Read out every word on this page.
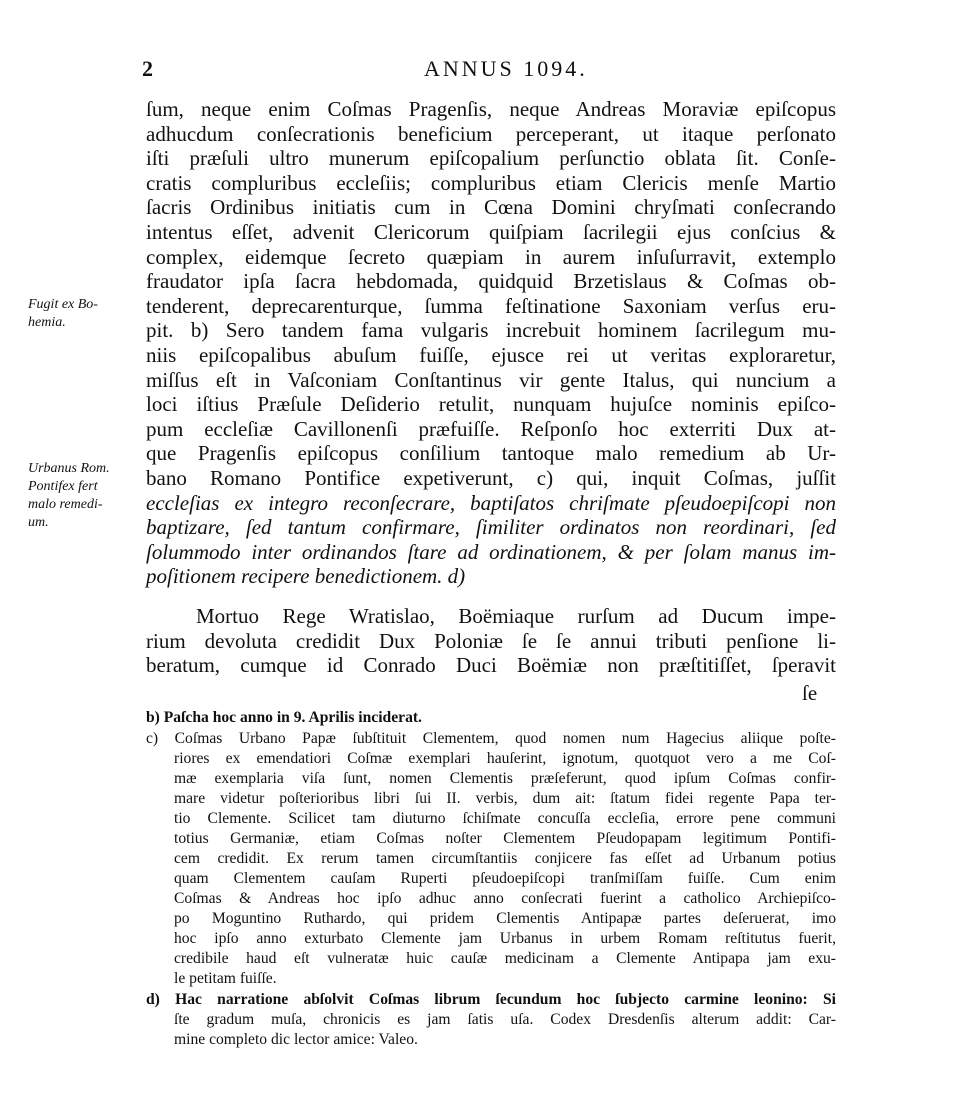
2	ANNUS 1094.
ſum, neque enim Coſmas Pragenſis, neque Andreas Moraviæ epiſcopus
adhucdum conſecrationis beneficium perceperant, ut itaque perſonato
iſti præſuli ultro munerum epiſcopalium perſunctio oblata ſit. Conſe-
cratis compluribus eccleſiis; compluribus etiam Clericis menſe Martio
ſacris Ordinibus initiatis cum in Cœna Domini chryſmati conſecrando
intentus eſſet, advenit Clericorum quiſpiam ſacrilegii ejus conſcius &
complex, eidemque ſecreto quæpiam in aurem inſuſurravit, extemplo
fraudator ipſa ſacra hebdomada, quidquid Brzetislaus & Coſmas ob-
tenderent, deprecarenturque, ſumma feſtinatione Saxoniam verſus eru-
pit. b) Sero tandem fama vulgaris increbuit hominem ſacrilegum mu-
niis epiſcopalibus abuſum fuiſſe, ejusce rei ut veritas exploraretur,
miſſus eſt in Vaſconiam Conſtantinus vir gente Italus, qui nuncium a
loci iſtius Præſule Deſiderio retulit, nunquam hujuſce nominis epiſco-
pum eccleſiæ Cavillonenſi præfuiſſe. Reſponſo hoc exterriti Dux at-
que Pragenſis epiſcopus conſilium tantoque malo remedium ab Ur-
bano Romano Pontifice expetiverunt, c) qui, inquit Coſmas, juſſit
eccleſias ex integro reconſecrare, baptiſatos chriſmate pſeudoepiſcopi non
baptizare, ſed tantum confirmare, ſimiliter ordinatos non reordinari, ſed
ſolummodo inter ordinandos ſtare ad ordinationem, & per ſolam manus im-
poſitionem recipere benedictionem. d)
Mortuo Rege Wratislao, Boëmiaque rurſum ad Ducum impe-
rium devoluta credidit Dux Poloniæ ſe ſe annui tributi penſione li-
beratum, cumque id Conrado Duci Boëmiæ non præſtitiſſet, ſperavit
ſe
Fugit ex Bo-
hemia.
Urbanus Rom.
Pontifex fert
malo remedi-
um.
b) Paſcha hoc anno in 9. Aprilis inciderat.
c) Coſmas Urbano Papæ ſubſtituit Clementem, quod nomen num Hagecius aliique poſte-
riores ex emendatiori Coſmæ exemplari hauſerint, ignotum, quotquot vero a me Coſ-
mæ exemplaria viſa ſunt, nomen Clementis præſeferunt, quod ipſum Coſmas confir-
mare videtur poſterioribus libri ſui II. verbis, dum ait: ſtatum fidei regente Papa ter-
tio Clemente. Scilicet tam diuturno ſchiſmate concuſſa eccleſia, errore pene communi
totius Germaniæ, etiam Coſmas noſter Clementem Pſeudopapam legitimum Pontifi-
cem credidit. Ex rerum tamen circumſtantiis conjicere fas eſſet ad Urbanum potius
quam Clementem cauſam Ruperti pſeudoepiſcopi tranſmiſſam fuiſſe. Cum enim
Coſmas & Andreas hoc ipſo adhuc anno conſecrati fuerint a catholico Archiepiſco-
po Moguntino Ruthardo, qui pridem Clementis Antipapæ partes deſeruerat, imo
hoc ipſo anno exturbato Clemente jam Urbanus in urbem Romam reſtitutus fuerit,
credibile haud eſt vulneratæ huic cauſæ medicinam a Clemente Antipapa jam exu-
le petitam fuiſſe.
d) Hac narratione abſolvit Coſmas librum ſecundum hoc ſubjecto carmine leonino: Si
ſte gradum muſa, chronicis es jam ſatis uſa. Codex Dresdenſis alterum addit: Car-
mine completo dic lector amice: Valeo.
